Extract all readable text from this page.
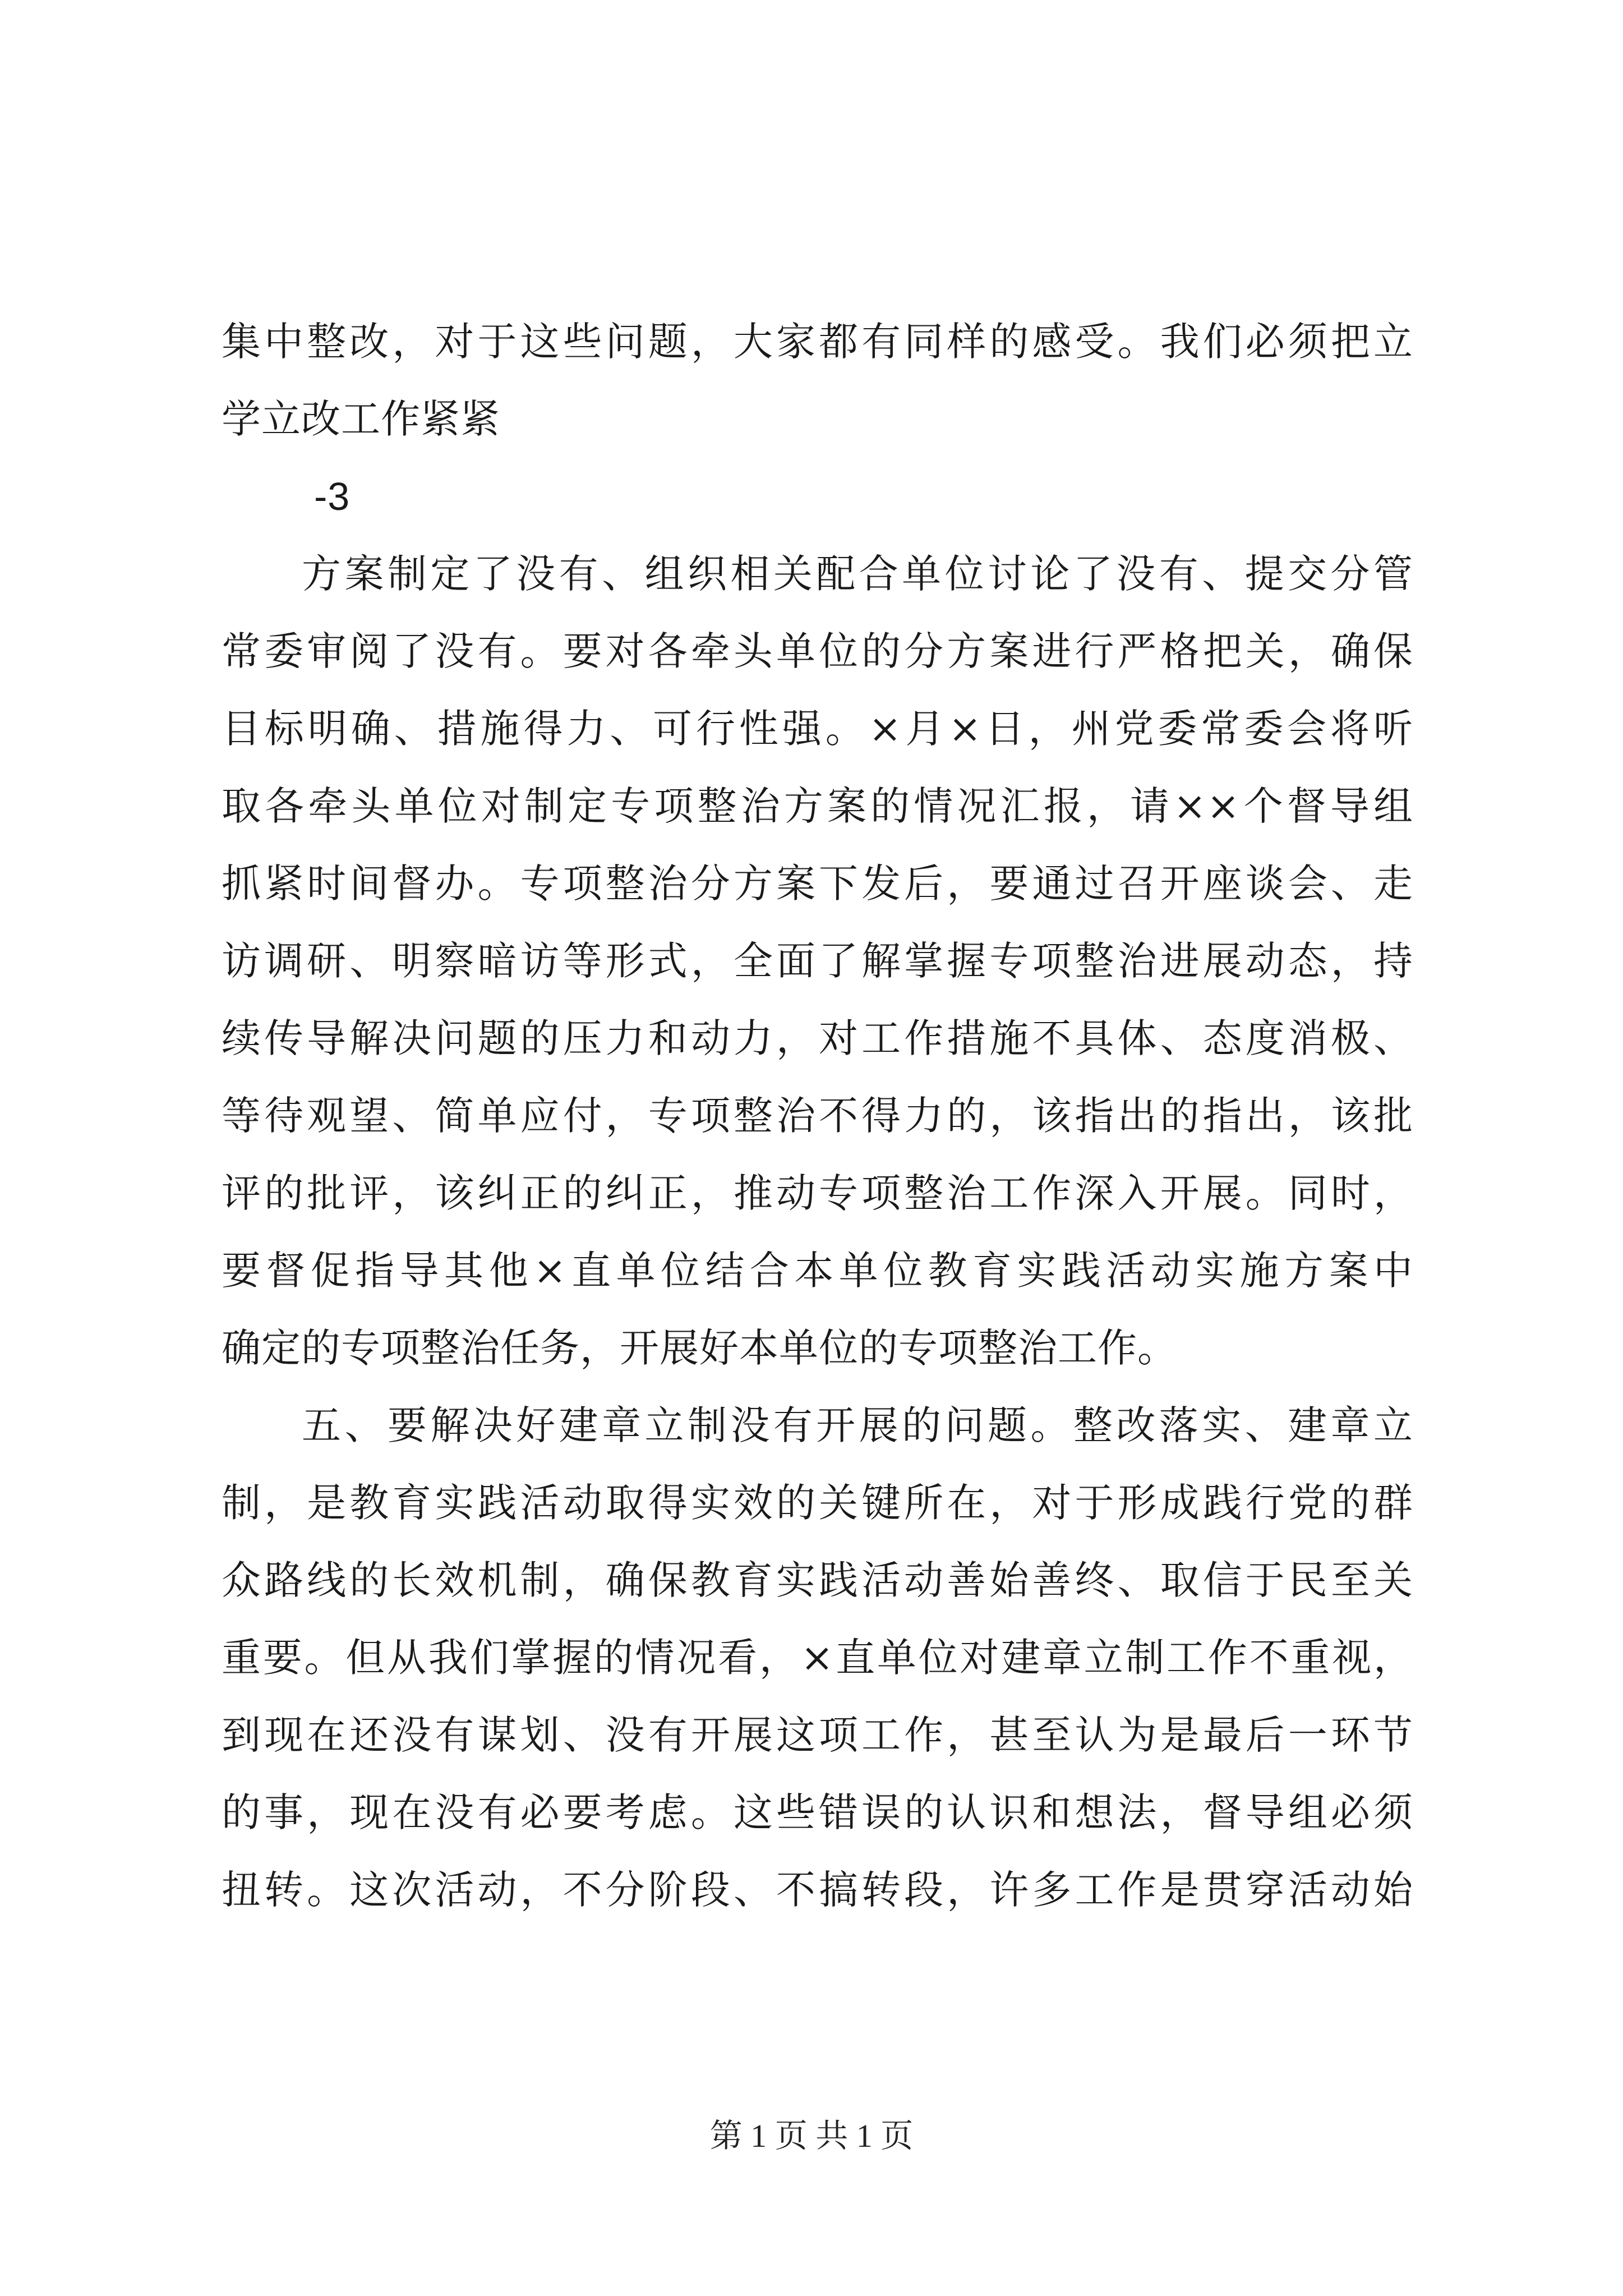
集中整改，对于这些问题，大家都有同样的感受。我们必须把立
学立改工作紧紧
-3
方案制定了没有、组织相关配合单位讨论了没有、提交分管
常委审阅了没有。要对各牵头单位的分方案进行严格把关，确保
目标明确、措施得力、可行性强。×月×日，州党委常委会将听
取各牵头单位对制定专项整治方案的情况汇报，请××个督导组
抓紧时间督办。专项整治分方案下发后，要通过召开座谈会、走
访调研、明察暗访等形式，全面了解掌握专项整治进展动态，持
续传导解决问题的压力和动力，对工作措施不具体、态度消极、
等待观望、简单应付，专项整治不得力的，该指出的指出，该批
评的批评，该纠正的纠正，推动专项整治工作深入开展。同时，
要督促指导其他×直单位结合本单位教育实践活动实施方案中
确定的专项整治任务，开展好本单位的专项整治工作。
五、要解决好建章立制没有开展的问题。整改落实、建章立
制，是教育实践活动取得实效的关键所在，对于形成践行党的群
众路线的长效机制，确保教育实践活动善始善终、取信于民至关
重要。但从我们掌握的情况看，×直单位对建章立制工作不重视，
到现在还没有谋划、没有开展这项工作，甚至认为是最后一环节
的事，现在没有必要考虑。这些错误的认识和想法，督导组必须
扭转。这次活动，不分阶段、不搞转段，许多工作是贯穿活动始
第 1 页 共 1 页
